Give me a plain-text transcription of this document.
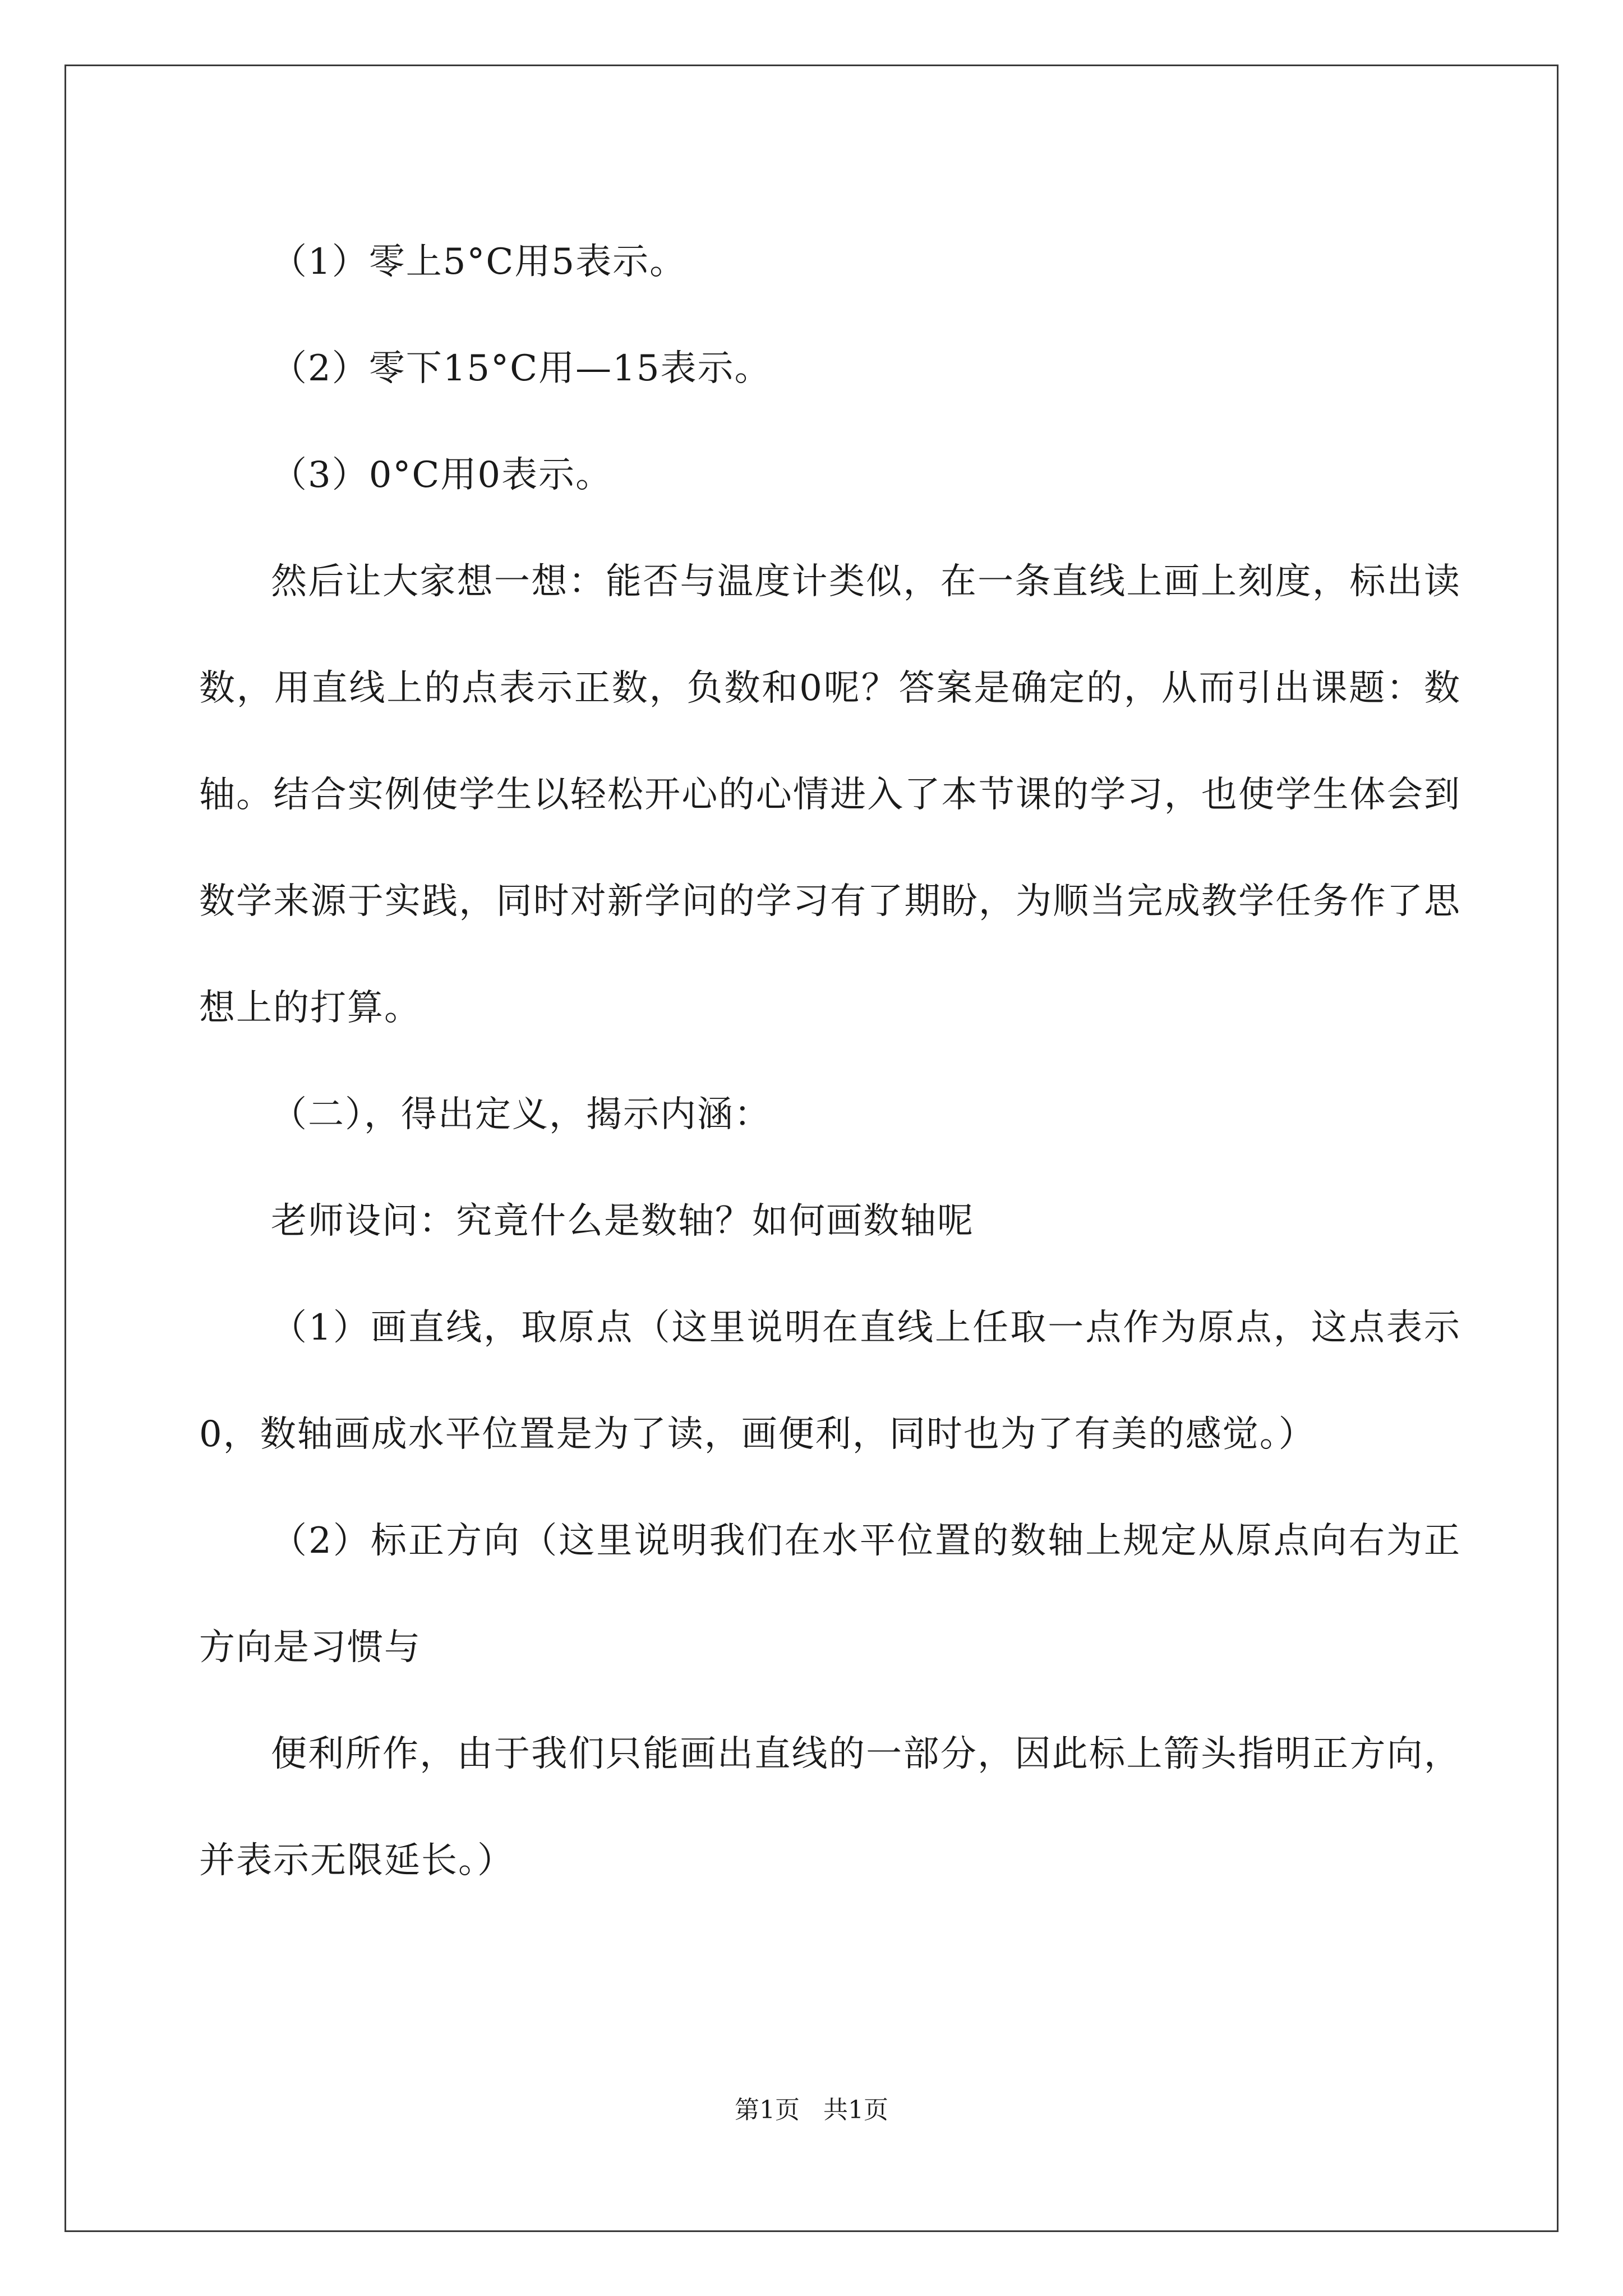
（1）零上5°C用5表示。

（2）零下15°C用—15表示。

（3）0°C用0表示。

然后让大家想一想：能否与温度计类似，在一条直线上画上刻度，标出读数，用直线上的点表示正数，负数和0呢？答案是确定的，从而引出课题：数轴。结合实例使学生以轻松开心的心情进入了本节课的学习，也使学生体会到数学来源于实践，同时对新学问的学习有了期盼，为顺当完成教学任务作了思想上的打算。

（二），得出定义，揭示内涵：

老师设问：究竟什么是数轴？如何画数轴呢

（1）画直线，取原点（这里说明在直线上任取一点作为原点，这点表示0，数轴画成水平位置是为了读，画便利，同时也为了有美的感觉。）

（2）标正方向（这里说明我们在水平位置的数轴上规定从原点向右为正方向是习惯与

便利所作，由于我们只能画出直线的一部分，因此标上箭头指明正方向，并表示无限延长。）

第1页   共1页
